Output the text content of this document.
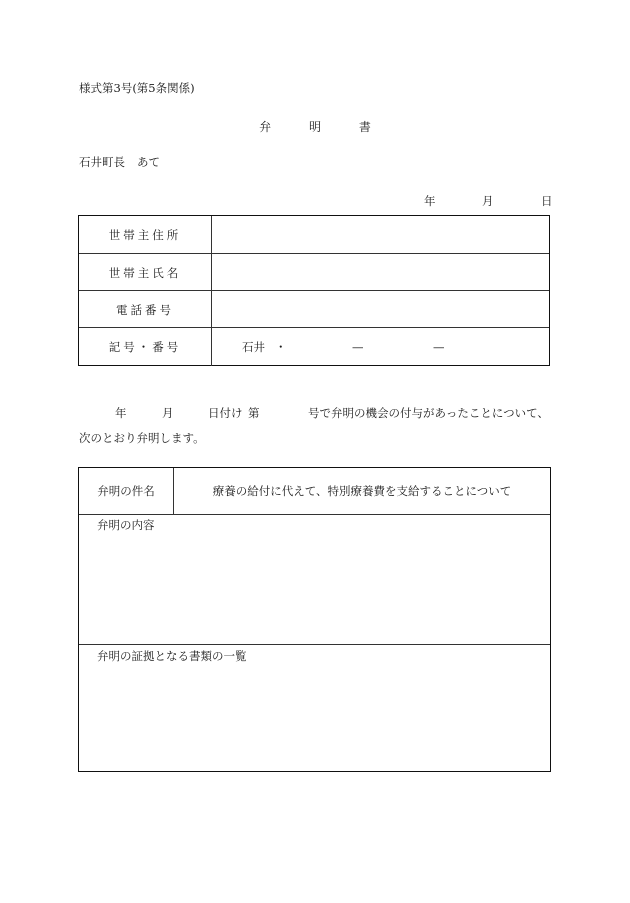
様式第3号(第5条関係)
弁	明	書
石井町長 あて
年	月	日
世帯主住所
世帯主氏名
電話番号
記号・番号	石井 ・	—	—
年	月	日付け 第	号で弁明の機会の付与があったことについて、
次のとおり弁明します。
弁明の件名	療養の給付に代えて、特別療養費を支給することについて
弁明の内容
弁明の証拠となる書類の一覧
